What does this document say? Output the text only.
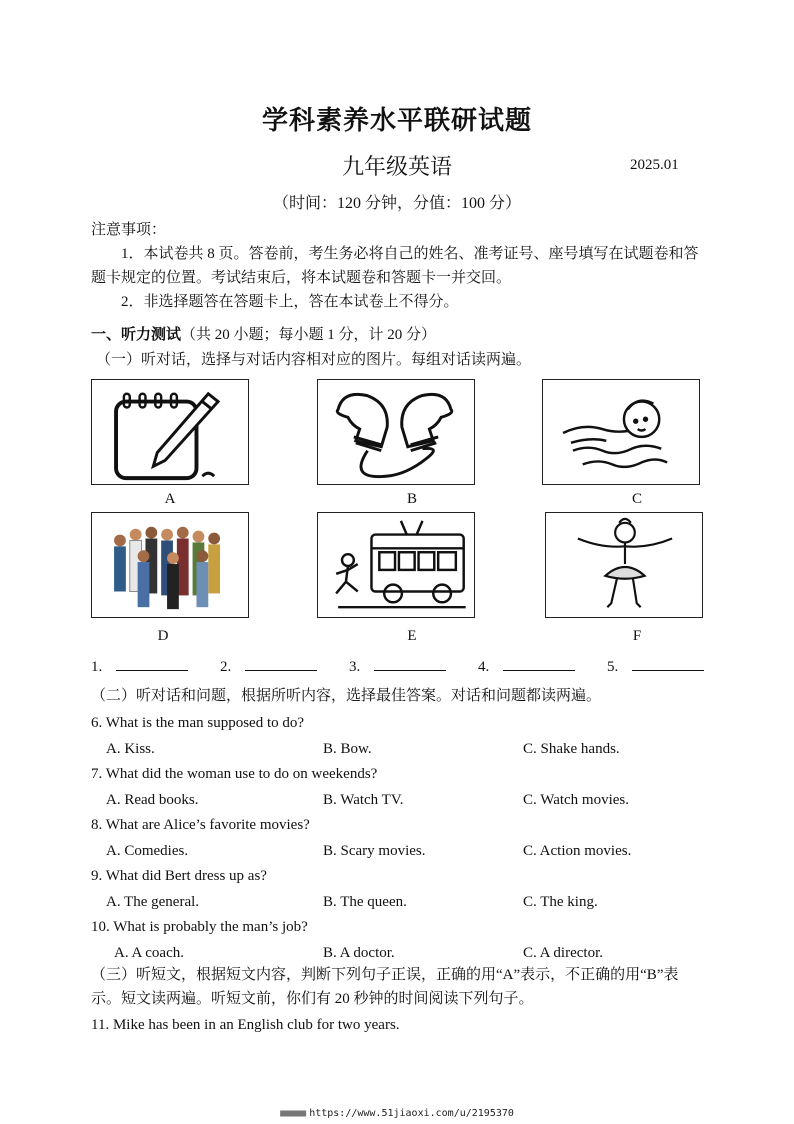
学科素养水平联研试题
九年级英语	2025.01
（时间：120 分钟，分值：100 分）
注意事项：
1．本试卷共 8 页。答卷前，考生务必将自己的姓名、准考证号、座号填写在试题卷和答题卡规定的位置。考试结束后，将本试题卷和答题卡一并交回。
2．非选择题答在答题卡上，答在本试卷上不得分。
一、听力测试（共 20 小题；每小题 1 分，计 20 分）
（一）听对话，选择与对话内容相对应的图片。每组对话读两遍。
A	B	C
D	E	F
1.	2.	3.	4.	5.
（二）听对话和问题，根据所听内容，选择最佳答案。对话和问题都读两遍。
6. What is the man supposed to do?
A. Kiss.	B. Bow.	C. Shake hands.
7. What did the woman use to do on weekends?
A. Read books.	B. Watch TV.	C. Watch movies.
8. What are Alice’s favorite movies?
A. Comedies.	B. Scary movies.	C. Action movies.
9. What did Bert dress up as?
A. The general.	B. The queen.	C. The king.
10. What is probably the man’s job?
A. A coach.	B. A doctor.	C. A director.
（三）听短文，根据短文内容，判断下列句子正误，正确的用“A”表示，不正确的用“B”表示。短文读两遍。听短文前，你们有 20 秒钟的时间阅读下列句子。
11. Mike has been in an English club for two years.
■■■■■ https://www.51jiaoxi.com/u/2195370
